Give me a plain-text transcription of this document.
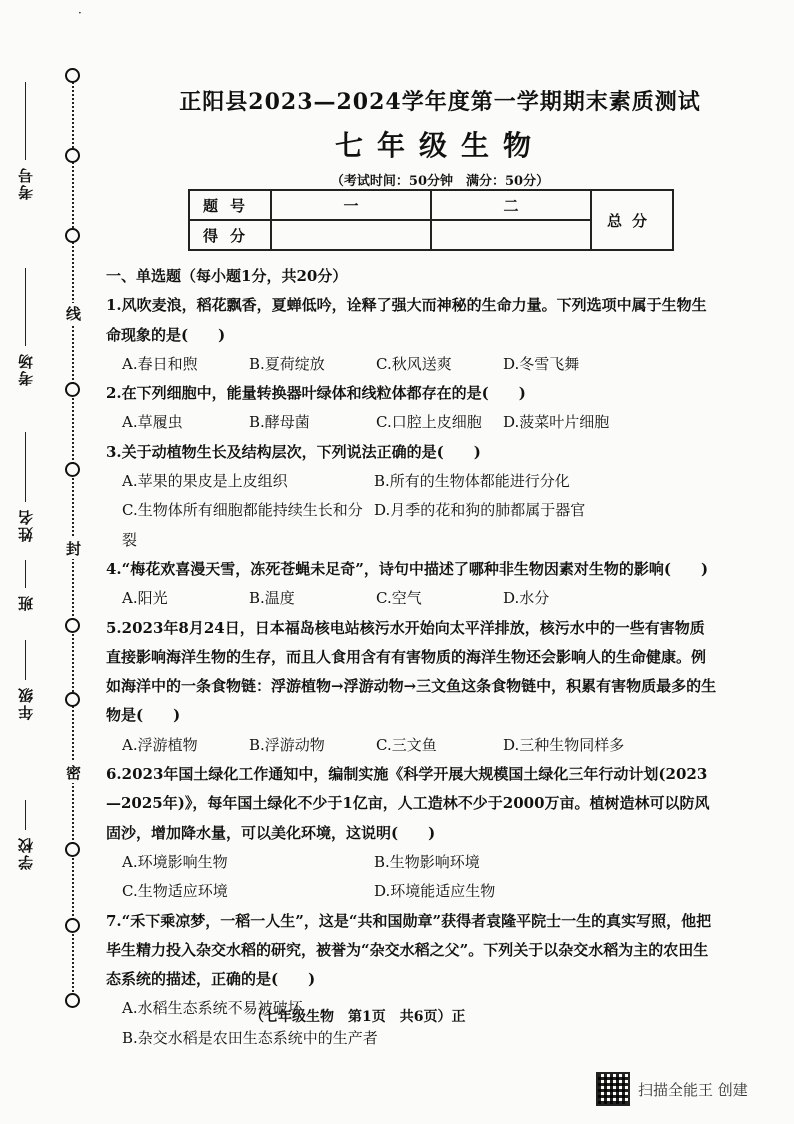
·
线
封
密
考号
考场
姓名
班
年级
学校
正阳县2023—2024学年度第一学期期末素质测试
七年级生物
（考试时间：50分钟　满分：50分）
题号	一	二	总分
得分			
一、单选题（每小题1分，共20分）
1.风吹麦浪，稻花飘香，夏蝉低吟，诠释了强大而神秘的生命力量。下列选项中属于生物生命现象的是(　　)
A.春日和煦	B.夏荷绽放	C.秋风送爽	D.冬雪飞舞
2.在下列细胞中，能量转换器叶绿体和线粒体都存在的是(　　)
A.草履虫	B.酵母菌	C.口腔上皮细胞	D.菠菜叶片细胞
3.关于动植物生长及结构层次，下列说法正确的是(　　)
A.苹果的果皮是上皮组织	B.所有的生物体都能进行分化
C.生物体所有细胞都能持续生长和分裂
D.月季的花和狗的肺都属于器官
4.“梅花欢喜漫天雪，冻死苍蝇未足奇”，诗句中描述了哪种非生物因素对生物的影响(　　)
A.阳光	B.温度	C.空气	D.水分
5.2023年8月24日，日本福岛核电站核污水开始向太平洋排放，核污水中的一些有害物质直接影响海洋生物的生存，而且人食用含有有害物质的海洋生物还会影响人的生命健康。例如海洋中的一条食物链：浮游植物→浮游动物→三文鱼这条食物链中，积累有害物质最多的生物是(　　)
A.浮游植物	B.浮游动物	C.三文鱼	D.三种生物同样多
6.2023年国土绿化工作通知中，编制实施《科学开展大规模国土绿化三年行动计划(2023—2025年)》，每年国土绿化不少于1亿亩，人工造林不少于2000万亩。植树造林可以防风固沙，增加降水量，可以美化环境，这说明(　　)
A.环境影响生物	B.生物影响环境
C.生物适应环境	D.环境能适应生物
7.“禾下乘凉梦，一稻一人生”，这是“共和国勋章”获得者袁隆平院士一生的真实写照，他把毕生精力投入杂交水稻的研究，被誉为“杂交水稻之父”。下列关于以杂交水稻为主的农田生态系统的描述，正确的是(　　)
A.水稻生态系统不易被破坏
B.杂交水稻是农田生态系统中的生产者
（七年级生物　第1页　共6页）正
扫描全能王 创建
